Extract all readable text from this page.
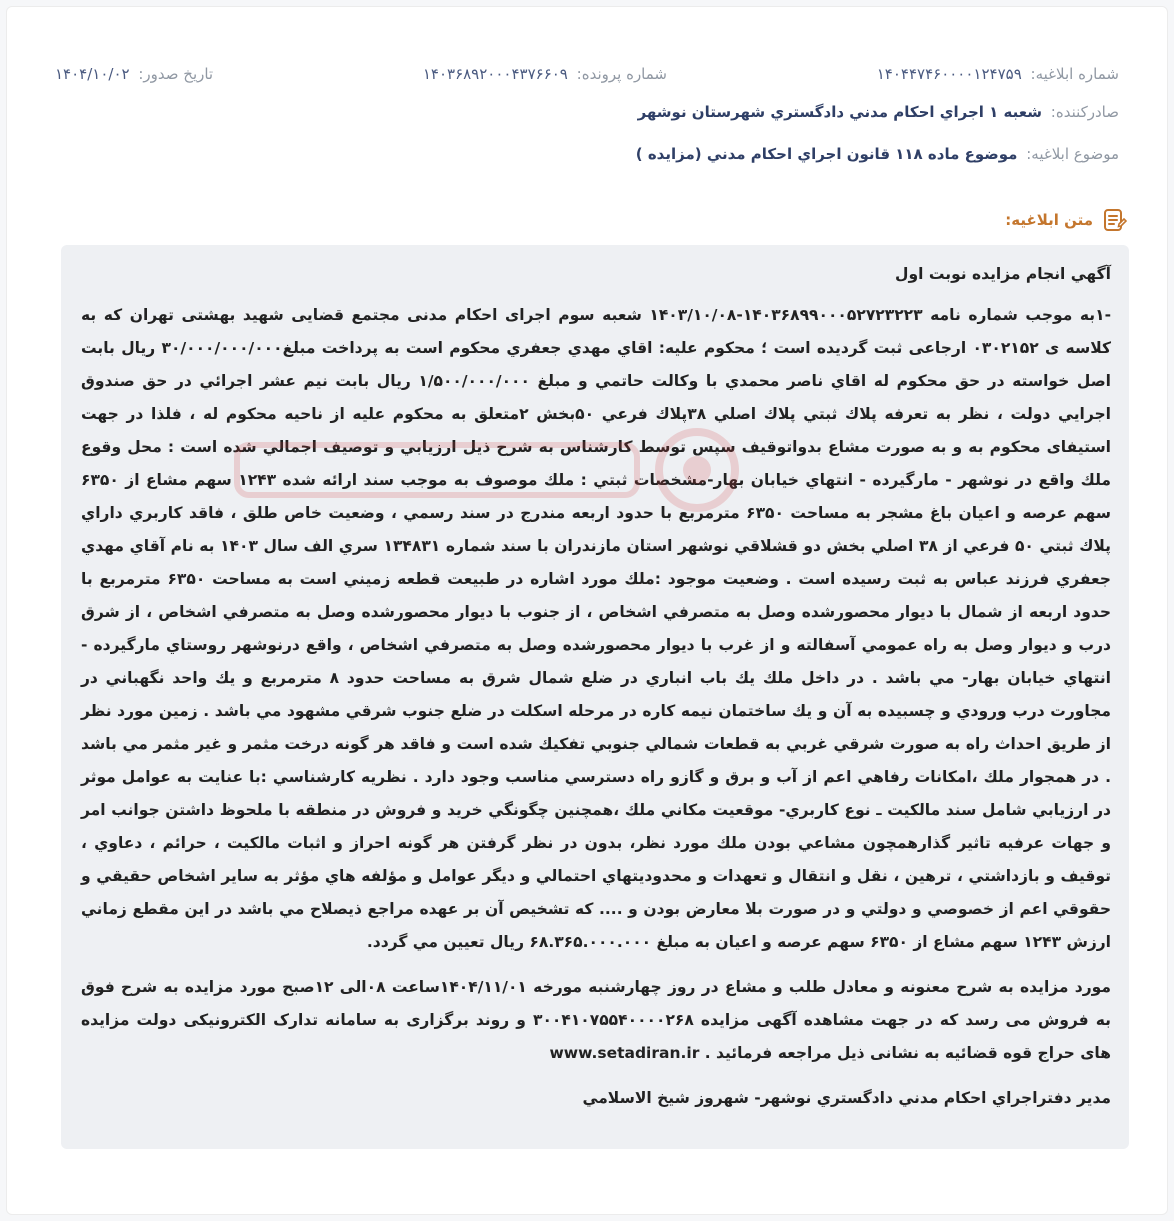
شماره ابلاغيه: ۱۴۰۴۴۷۴۶۰۰۰۰۱۲۴۷۵۹
شماره پرونده: ۱۴۰۳۶۸۹۲۰۰۰۴۳۷۶۶۰۹
تاريخ صدور: ۱۴۰۴/۱۰/۰۲
صادرکننده: شعبه ۱ اجراي احكام مدني دادگستري شهرستان نوشهر
موضوع ابلاغيه: موضوع ماده ۱۱۸ قانون اجراي احكام مدني (مزايده )
متن ابلاغيه:
آگهي انجام مزايده نوبت اول
-۱به موجب شماره نامه ۱۴۰۳۶۸۹۹۰۰۰۵۲۷۲۳۲۲۳-۱۴۰۳/۱۰/۰۸ شعبه سوم اجرای احکام مدنی مجتمع قضایی شهید بهشتی تهران که به کلاسه ی ۰۳۰۲۱۵۲ ارجاعی ثبت گرديده است ؛ محكوم عليه: اقاي مهدي جعفري محكوم است به پرداخت مبلغ۳۰/۰۰۰/۰۰۰/۰۰۰ ريال بابت اصل خواسته در حق محكوم له اقاي ناصر محمدي با وكالت حاتمي و مبلغ ۱/۵۰۰/۰۰۰/۰۰۰ ريال بابت نيم عشر اجرائي در حق صندوق اجرايي دولت ، نظر به تعرفه پلاك ثبتي پلاك اصلي ۳۸پلاك فرعي ۵۰بخش ۲متعلق به محكوم عليه از ناحيه محكوم له ، فلذا در جهت استيفای محكوم به و به صورت مشاع بدواتوقيف سپس توسط كارشناس به شرح ذيل ارزيابي و توصيف اجمالي شده است : محل وقوع ملك واقع در نوشهر - مارگيرده - انتهاي خيابان بهار-مشخصات ثبتي : ملك موصوف به موجب سند ارائه شده ۱۲۴۳ سهم مشاع از ۶۳۵۰ سهم عرصه و اعيان باغ مشجر به مساحت ۶۳۵۰ مترمربع با حدود اربعه مندرج در سند رسمي ، وضعيت خاص طلق ، فاقد كاربري داراي پلاك ثبتي ۵۰ فرعي از ۳۸ اصلي بخش دو قشلاقي نوشهر استان مازندران با سند شماره ۱۳۴۸۳۱ سري الف سال ۱۴۰۳ به نام آقاي مهدي جعفري فرزند عباس به ثبت رسيده است . وضعيت موجود :ملك مورد اشاره در طبيعت قطعه زميني است به مساحت ۶۳۵۰ مترمربع با حدود اربعه از شمال با ديوار محصورشده وصل به متصرفي اشخاص ، از جنوب با ديوار محصورشده وصل به متصرفي اشخاص ، از شرق درب و ديوار وصل به راه عمومي آسفالته و از غرب با ديوار محصورشده وصل به متصرفي اشخاص ، واقع درنوشهر روستاي مارگيرده - انتهاي خيابان بهار- مي باشد . در داخل ملك يك باب انباري در ضلع شمال شرق به مساحت حدود ۸ مترمربع و يك واحد نگهباني در مجاورت درب ورودي و چسبيده به آن و يك ساختمان نيمه كاره در مرحله اسكلت در ضلع جنوب شرقي مشهود مي باشد . زمين مورد نظر از طريق احداث راه به صورت شرقي غربي به قطعات شمالي جنوبي تفكيك شده است و فاقد هر گونه درخت مثمر و غير مثمر مي باشد . در همجوار ملك ،امكانات رفاهي اعم از آب و برق و گازو راه دسترسي مناسب وجود دارد . نظريه كارشناسي :با عنايت به عوامل موثر در ارزيابي شامل سند مالكيت ـ نوع كاربري- موقعيت مكاني ملك ،همچنين چگونگي خريد و فروش در منطقه با ملحوظ داشتن جوانب امر و جهات عرفيه تاثير گذارهمچون مشاعي بودن ملك مورد نظر، بدون در نظر گرفتن هر گونه احراز و اثبات مالكيت ، حرائم ، دعاوي ، توقيف و بازداشتي ، ترهين ، نقل و انتقال و تعهدات و محدوديتهاي احتمالي و ديگر عوامل و مؤلفه هاي مؤثر به ساير اشخاص حقيقي و حقوقي اعم از خصوصي و دولتي و در صورت بلا معارض بودن و .... كه تشخيص آن بر عهده مراجع ذيصلاح مي باشد در اين مقطع زماني ارزش ۱۲۴۳ سهم مشاع از ۶۳۵۰ سهم عرصه و اعيان به مبلغ ۶۸.۳۶۵.۰۰۰.۰۰۰ ريال تعيين مي گردد.
مورد مزايده به شرح معنونه و معادل طلب و مشاع در روز چهارشنبه مورخه ۱۴۰۴/۱۱/۰۱ساعت ۰۸الی ۱۲صبح مورد مزایده به شرح فوق به فروش می رسد که در جهت مشاهده آگهی مزایده ۳۰۰۴۱۰۷۵۵۴۰۰۰۰۲۶۸ و روند برگزاری به سامانه تدارک الکترونیکی دولت مزایده های حراج قوه قضائیه به نشانی ذیل مراجعه فرمائید . www.setadiran.ir
مدير دفتراجراي احكام مدني دادگستري نوشهر- شهروز شيخ الاسلامي
